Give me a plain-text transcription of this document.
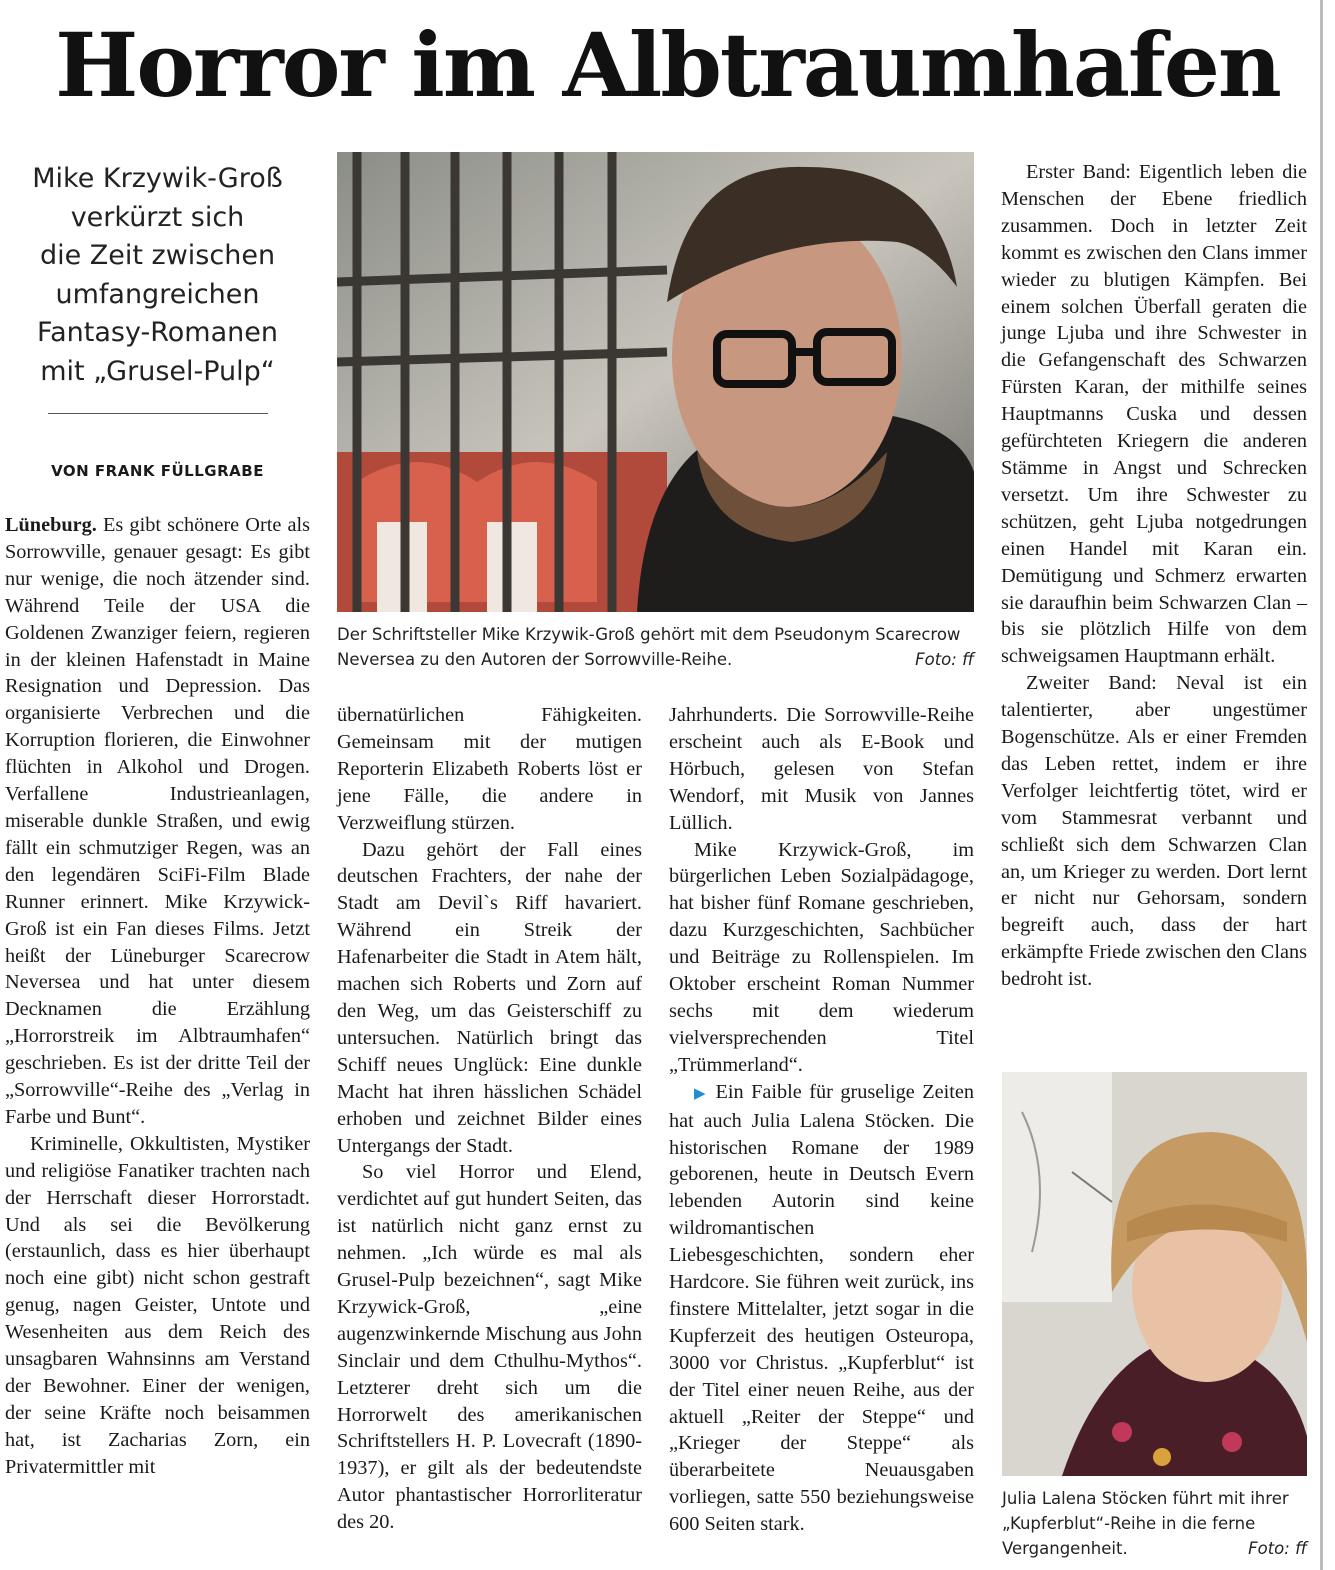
Horror im Albtraumhafen
Mike Krzywik-Groß
verkürzt sich
die Zeit zwischen
umfangreichen
Fantasy-Romanen
mit „Grusel-Pulp“
VON FRANK FÜLLGRABE

Lüneburg. Es gibt schönere Orte als Sorrowville, genauer gesagt: Es gibt nur wenige, die noch ätzender sind. Während Teile der USA die Goldenen Zwanziger feiern, regieren in der kleinen Hafenstadt in Maine Resignation und Depression. Das organisierte Verbrechen und die Korruption florieren, die Einwohner flüchten in Alkohol und Drogen. Verfallene Industrieanlagen, miserable dunkle Straßen, und ewig fällt ein schmutziger Regen, was an den legendären SciFi-Film Blade Runner erinnert. Mike Krzywick-Groß ist ein Fan dieses Films. Jetzt heißt der Lüneburger Scarecrow Neversea und hat unter diesem Decknamen die Erzählung „Horrorstreik im Albtraumhafen“ geschrieben. Es ist der dritte Teil der „Sorrowville“-Reihe des „Verlag in Farbe und Bunt“.

Kriminelle, Okkultisten, Mystiker und religiöse Fanatiker trachten nach der Herrschaft dieser Horrorstadt. Und als sei die Bevölkerung (erstaunlich, dass es hier überhaupt noch eine gibt) nicht schon gestraft genug, nagen Geister, Untote und Wesenheiten aus dem Reich des unsagbaren Wahnsinns am Verstand der Bewohner. Einer der wenigen, der seine Kräfte noch beisammen hat, ist Zacharias Zorn, ein Privatermittler mit

Der Schriftsteller Mike Krzywik-Groß gehört mit dem Pseudonym Scarecrow Neversea zu den Autoren der Sorrowville-Reihe.	Foto: ff

übernatürlichen Fähigkeiten. Gemeinsam mit der mutigen Reporterin Elizabeth Roberts löst er jene Fälle, die andere in Verzweiflung stürzen.

Dazu gehört der Fall eines deutschen Frachters, der nahe der Stadt am Devil`s Riff havariert. Während ein Streik der Hafenarbeiter die Stadt in Atem hält, machen sich Roberts und Zorn auf den Weg, um das Geisterschiff zu untersuchen. Natürlich bringt das Schiff neues Unglück: Eine dunkle Macht hat ihren hässlichen Schädel erhoben und zeichnet Bilder eines Untergangs der Stadt.

So viel Horror und Elend, verdichtet auf gut hundert Seiten, das ist natürlich nicht ganz ernst zu nehmen. „Ich würde es mal als Grusel-Pulp bezeichnen“, sagt Mike Krzywick-Groß, „eine augenzwinkernde Mischung aus John Sinclair und dem Cthulhu-Mythos“. Letzterer dreht sich um die Horrorwelt des amerikanischen Schriftstellers H. P. Lovecraft (1890-1937), er gilt als der bedeutendste Autor phantastischer Horrorliteratur des 20.

Jahrhunderts. Die Sorrowville-Reihe erscheint auch als E-Book und Hörbuch, gelesen von Stefan Wendorf, mit Musik von Jannes Lüllich.

Mike Krzywick-Groß, im bürgerlichen Leben Sozialpädagoge, hat bisher fünf Romane geschrieben, dazu Kurzgeschichten, Sachbücher und Beiträge zu Rollenspielen. Im Oktober erscheint Roman Nummer sechs mit dem wiederum vielversprechenden Titel „Trümmerland“.

▶ Ein Faible für gruselige Zeiten hat auch Julia Lalena Stöcken. Die historischen Romane der 1989 geborenen, heute in Deutsch Evern lebenden Autorin sind keine wildromantischen Liebesgeschichten, sondern eher Hardcore. Sie führen weit zurück, ins finstere Mittelalter, jetzt sogar in die Kupferzeit des heutigen Osteuropa, 3000 vor Christus. „Kupferblut“ ist der Titel einer neuen Reihe, aus der aktuell „Reiter der Steppe“ und „Krieger der Steppe“ als überarbeitete Neuausgaben vorliegen, satte 550 beziehungsweise 600 Seiten stark.

Erster Band: Eigentlich leben die Menschen der Ebene friedlich zusammen. Doch in letzter Zeit kommt es zwischen den Clans immer wieder zu blutigen Kämpfen. Bei einem solchen Überfall geraten die junge Ljuba und ihre Schwester in die Gefangenschaft des Schwarzen Fürsten Karan, der mithilfe seines Hauptmanns Cuska und dessen gefürchteten Kriegern die anderen Stämme in Angst und Schrecken versetzt. Um ihre Schwester zu schützen, geht Ljuba notgedrungen einen Handel mit Karan ein. Demütigung und Schmerz erwarten sie daraufhin beim Schwarzen Clan – bis sie plötzlich Hilfe von dem schweigsamen Hauptmann erhält.

Zweiter Band: Neval ist ein talentierter, aber ungestümer Bogenschütze. Als er einer Fremden das Leben rettet, indem er ihre Verfolger leichtfertig tötet, wird er vom Stammesrat verbannt und schließt sich dem Schwarzen Clan an, um Krieger zu werden. Dort lernt er nicht nur Gehorsam, sondern begreift auch, dass der hart erkämpfte Friede zwischen den Clans bedroht ist.

Julia Lalena Stöcken führt mit ihrer „Kupferblut“-Reihe in die ferne Vergangenheit.	Foto: ff
